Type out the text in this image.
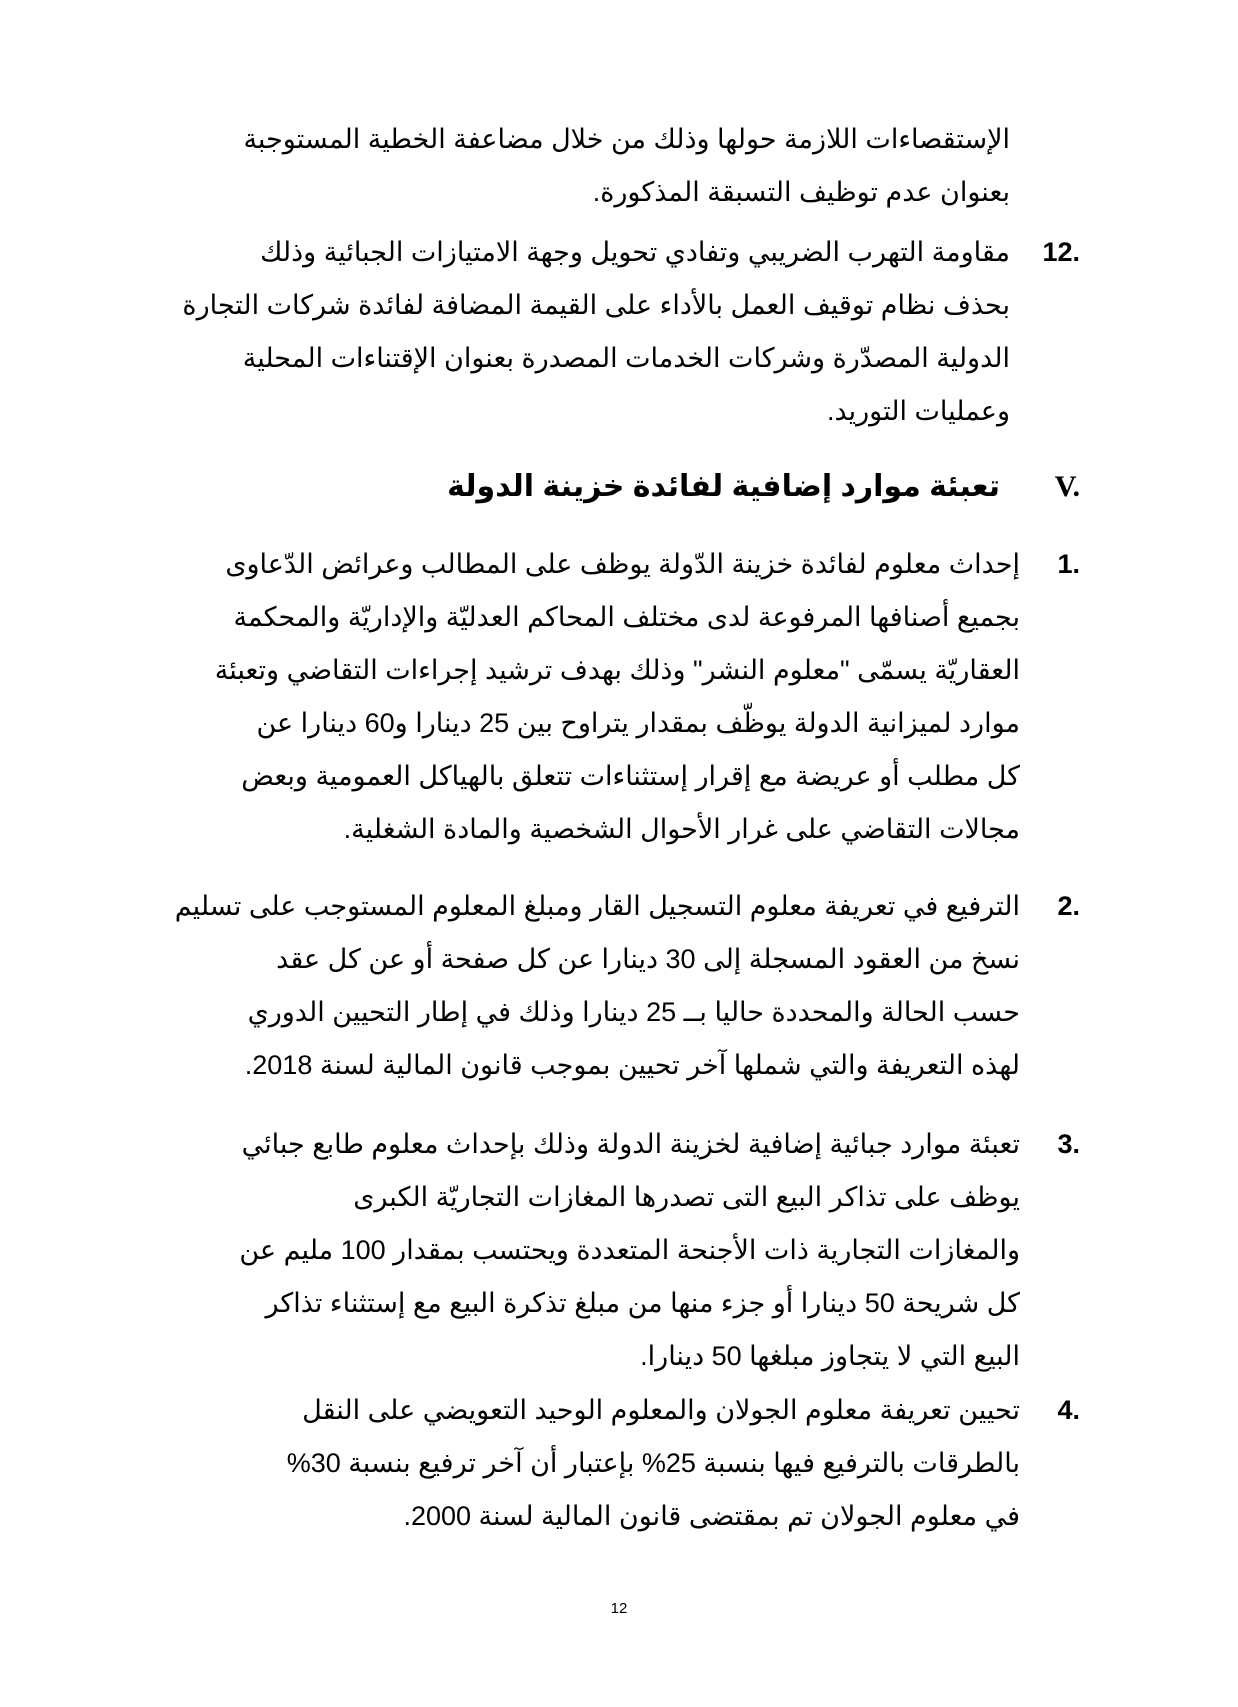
الإستقصاءات اللازمة حولها وذلك من خلال مضاعفة الخطية المستوجبة

بعنوان عدم توظيف التسبقة المذكورة.

12.

مقاومة التهرب الضريبي وتفادي تحويل وجهة الامتيازات الجبائية وذلك

بحذف نظام توقيف العمل بالأداء على القيمة المضافة لفائدة شركات التجارة

الدولية المصدّرة وشركات الخدمات المصدرة بعنوان الإقتناءات المحلية

وعمليات التوريد.

V.
تعبئة موارد إضافية لفائدة خزينة الدولة
1.

إحداث معلوم لفائدة خزينة الدّولة يوظف على المطالب وعرائض الدّعاوى

بجميع أصنافها المرفوعة لدى مختلف المحاكم العدليّة والإداريّة والمحكمة

العقاريّة يسمّى "معلوم النشر" وذلك بهدف ترشيد إجراءات التقاضي وتعبئة

موارد لميزانية الدولة يوظّف بمقدار يتراوح بين 25 دينارا و60 دينارا عن

كل مطلب أو عريضة مع إقرار إستثناءات تتعلق بالهياكل العمومية وبعض

مجالات التقاضي على غرار الأحوال الشخصية والمادة الشغلية.

2.

الترفيع في تعريفة معلوم التسجيل القار ومبلغ المعلوم المستوجب على تسليم

نسخ من العقود المسجلة إلى 30 دينارا عن كل صفحة أو عن كل عقد

حسب الحالة والمحددة حاليا بــ 25 دينارا وذلك في إطار التحيين الدوري

لهذه التعريفة والتي شملها آخر تحيين بموجب قانون المالية لسنة 2018.

3.

تعبئة موارد جبائية إضافية لخزينة الدولة وذلك بإحداث معلوم طابع جبائي

يوظف على تذاكر البيع التى تصدرها المغازات التجاريّة الكبرى

والمغازات التجارية ذات الأجنحة المتعددة ويحتسب بمقدار 100 مليم عن

كل شريحة 50 دينارا أو جزء منها من مبلغ تذكرة البيع مع إستثناء تذاكر

البيع التي لا يتجاوز مبلغها 50 دينارا.

4.

تحيين تعريفة معلوم الجولان والمعلوم الوحيد التعويضي على النقل

بالطرقات بالترفيع فيها بنسبة 25% بإعتبار أن آخر ترفيع بنسبة 30%

في معلوم الجولان تم بمقتضى قانون المالية لسنة 2000.

12
